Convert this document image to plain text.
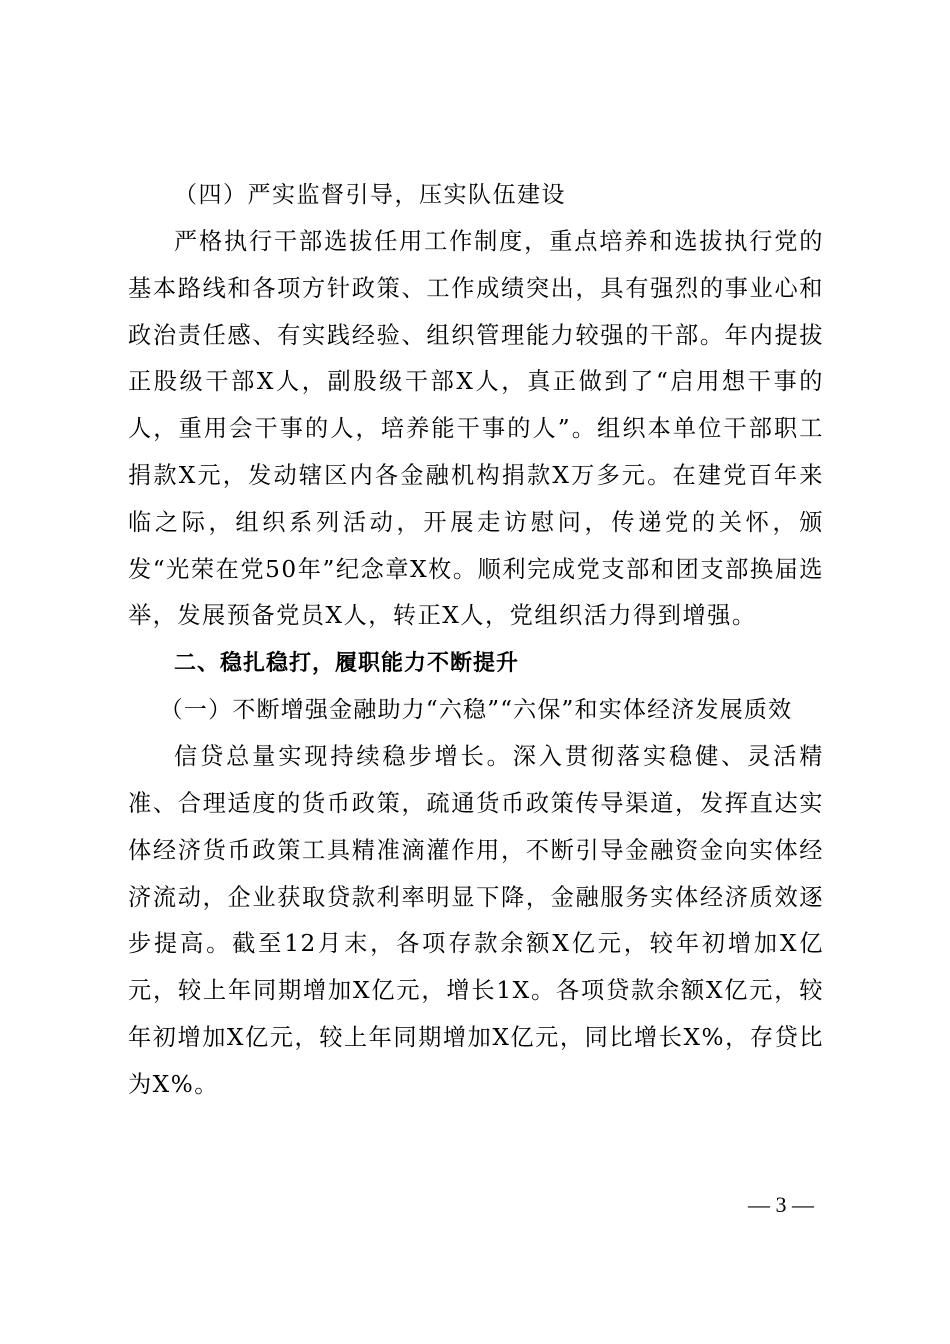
（四）严实监督引导，压实队伍建设

严格执行干部选拔任用工作制度，重点培养和选拔执行党的基本路线和各项方针政策、工作成绩突出，具有强烈的事业心和政治责任感、有实践经验、组织管理能力较强的干部。年内提拔正股级干部X人，副股级干部X人，真正做到了“启用想干事的人，重用会干事的人，培养能干事的人”。组织本单位干部职工捐款X元，发动辖区内各金融机构捐款X万多元。在建党百年来临之际，组织系列活动，开展走访慰问，传递党的关怀，颁发“光荣在党50年”纪念章X枚。顺利完成党支部和团支部换届选举，发展预备党员X人，转正X人，党组织活力得到增强。

二、稳扎稳打，履职能力不断提升
（一）不断增强金融助力“六稳”“六保”和实体经济发展质效

信贷总量实现持续稳步增长。深入贯彻落实稳健、灵活精准、合理适度的货币政策，疏通货币政策传导渠道，发挥直达实体经济货币政策工具精准滴灌作用，不断引导金融资金向实体经济流动，企业获取贷款利率明显下降，金融服务实体经济质效逐步提高。截至12月末，各项存款余额X亿元，较年初增加X亿元，较上年同期增加X亿元，增长1X。各项贷款余额X亿元，较年初增加X亿元，较上年同期增加X亿元，同比增长X%，存贷比为X%。

— 3 —
